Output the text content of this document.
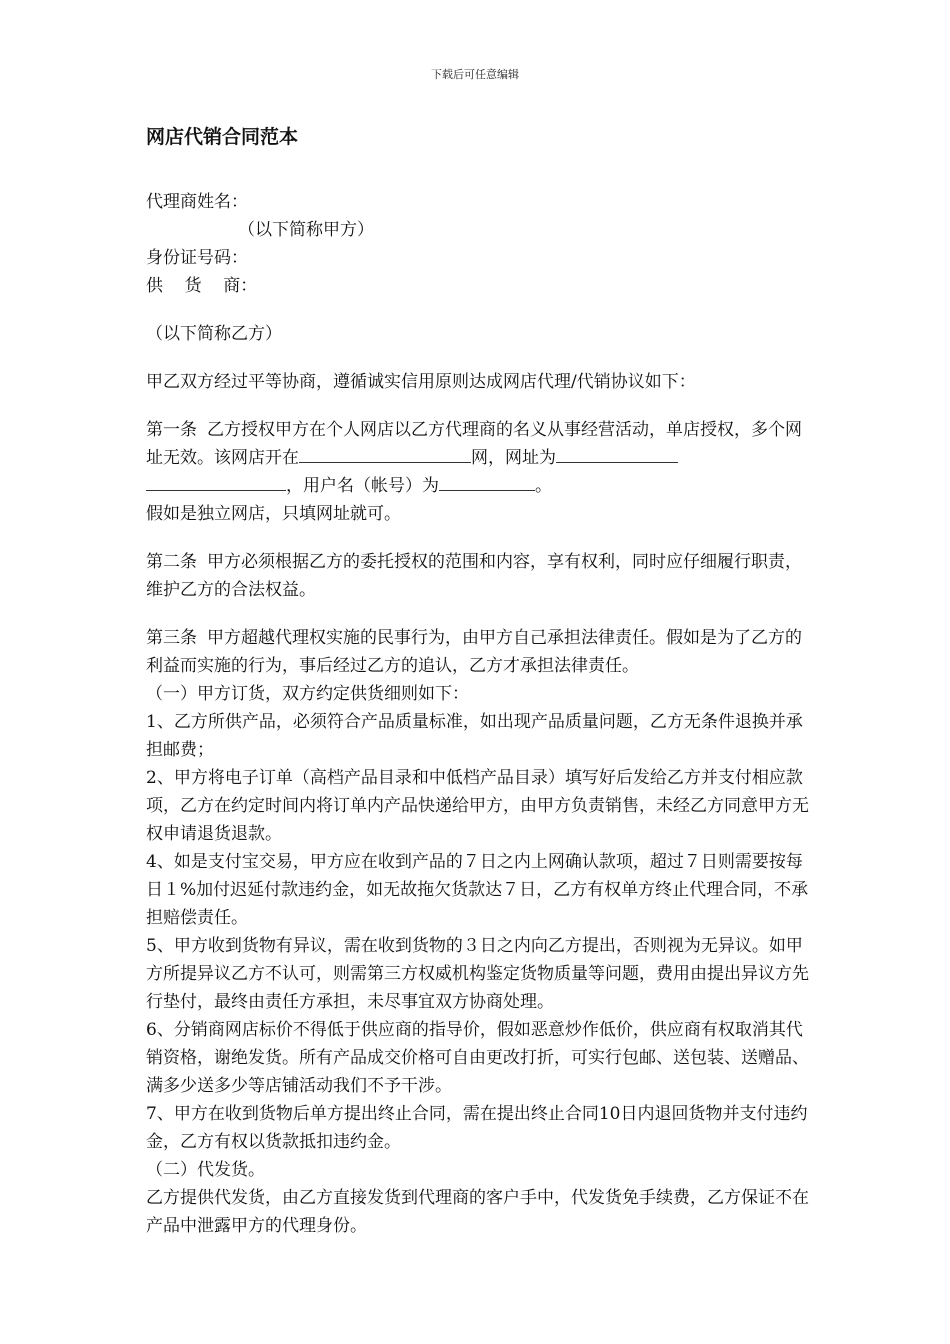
下载后可任意编辑
网店代销合同范本

代理商姓名：

（以下简称甲方）

身份证号码：

供    货    商：

（以下简称乙方）

甲乙双方经过平等协商，遵循诚实信用原则达成网店代理/代销协议如下：

第一条 乙方授权甲方在个人网店以乙方代理商的名义从事经营活动，单店授权，多个网址无效。该网店开在	网，网址为
，用户名（帐号）为	。

假如是独立网店，只填网址就可。

第二条 甲方必须根据乙方的委托授权的范围和内容，享有权利，同时应仔细履行职责，维护乙方的合法权益。

第三条 甲方超越代理权实施的民事行为，由甲方自己承担法律责任。假如是为了乙方的利益而实施的行为，事后经过乙方的追认，乙方才承担法律责任。

（一）甲方订货，双方约定供货细则如下：

1、乙方所供产品，必须符合产品质量标准，如出现产品质量问题，乙方无条件退换并承担邮费；

2、甲方将电子订单（高档产品目录和中低档产品目录）填写好后发给乙方并支付相应款项，乙方在约定时间内将订单内产品快递给甲方，由甲方负责销售，未经乙方同意甲方无权申请退货退款。

4、如是支付宝交易，甲方应在收到产品的７日之内上网确认款项，超过７日则需要按每日１%加付迟延付款违约金，如无故拖欠货款达７日，乙方有权单方终止代理合同，不承担赔偿责任。

5、甲方收到货物有异议，需在收到货物的３日之内向乙方提出，否则视为无异议。如甲方所提异议乙方不认可，则需第三方权威机构鉴定货物质量等问题，费用由提出异议方先行垫付，最终由责任方承担，未尽事宜双方协商处理。

6、分销商网店标价不得低于供应商的指导价，假如恶意炒作低价，供应商有权取消其代销资格，谢绝发货。所有产品成交价格可自由更改打折，可实行包邮、送包装、送赠品、满多少送多少等店铺活动我们不予干涉。

7、甲方在收到货物后单方提出终止合同，需在提出终止合同10日内退回货物并支付违约金，乙方有权以货款抵扣违约金。

（二）代发货。

乙方提供代发货，由乙方直接发货到代理商的客户手中，代发货免手续费，乙方保证不在产品中泄露甲方的代理身份。
